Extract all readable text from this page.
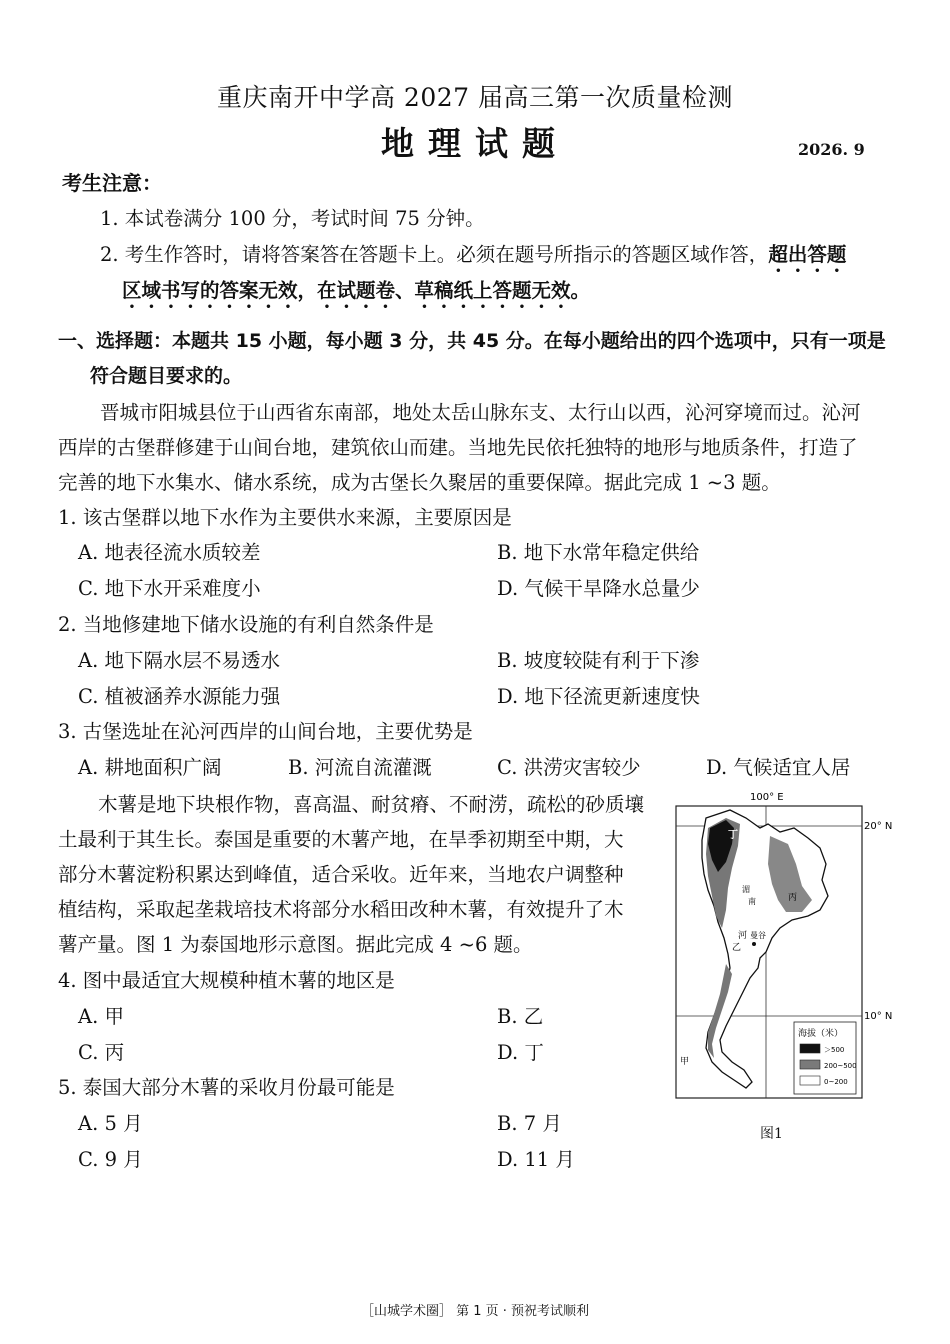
重庆南开中学高 2027 届高三第一次质量检测
地理试题	2026. 9
考生注意：
1. 本试卷满分 100 分，考试时间 75 分钟。
2. 考生作答时，请将答案答在答题卡上。必须在题号所指示的答题区域作答，超出答题
区域书写的答案无效，在试题卷、草稿纸上答题无效。
一、选择题：本题共 15 小题，每小题 3 分，共 45 分。在每小题给出的四个选项中，只有一项是
符合题目要求的。
晋城市阳城县位于山西省东南部，地处太岳山脉东支、太行山以西，沁河穿境而过。沁河
西岸的古堡群修建于山间台地，建筑依山而建。当地先民依托独特的地形与地质条件，打造了
完善的地下水集水、储水系统，成为古堡长久聚居的重要保障。据此完成 1 ~3 题。
1. 该古堡群以地下水作为主要供水来源，主要原因是
A. 地表径流水质较差	B. 地下水常年稳定供给
C. 地下水开采难度小	D. 气候干旱降水总量少
2. 当地修建地下储水设施的有利自然条件是
A. 地下隔水层不易透水	B. 坡度较陡有利于下渗
C. 植被涵养水源能力强	D. 地下径流更新速度快
3. 古堡选址在沁河西岸的山间台地，主要优势是
A. 耕地面积广阔	B. 河流自流灌溉	C. 洪涝灾害较少	D. 气候适宜人居
木薯是地下块根作物，喜高温、耐贫瘠、不耐涝，疏松的砂质壤
土最利于其生长。泰国是重要的木薯产地，在旱季初期至中期，大
部分木薯淀粉积累达到峰值，适合采收。近年来，当地农户调整种
植结构，采取起垄栽培技术将部分水稻田改种木薯，有效提升了木
薯产量。图 1 为泰国地形示意图。据此完成 4 ~6 题。
4. 图中最适宜大规模种植木薯的地区是
A. 甲	B. 乙
C. 丙	D. 丁
5. 泰国大部分木薯的采收月份最可能是
A. 5 月	B. 7 月
C. 9 月	D. 11 月
100° E
20° N
10° N
丁
丙
河
乙
曼谷
湄
南
甲
海拔（米）
＞500
200~500
0~200
图1
［山城学术圈］ 第 1 页 · 预祝考试顺利
